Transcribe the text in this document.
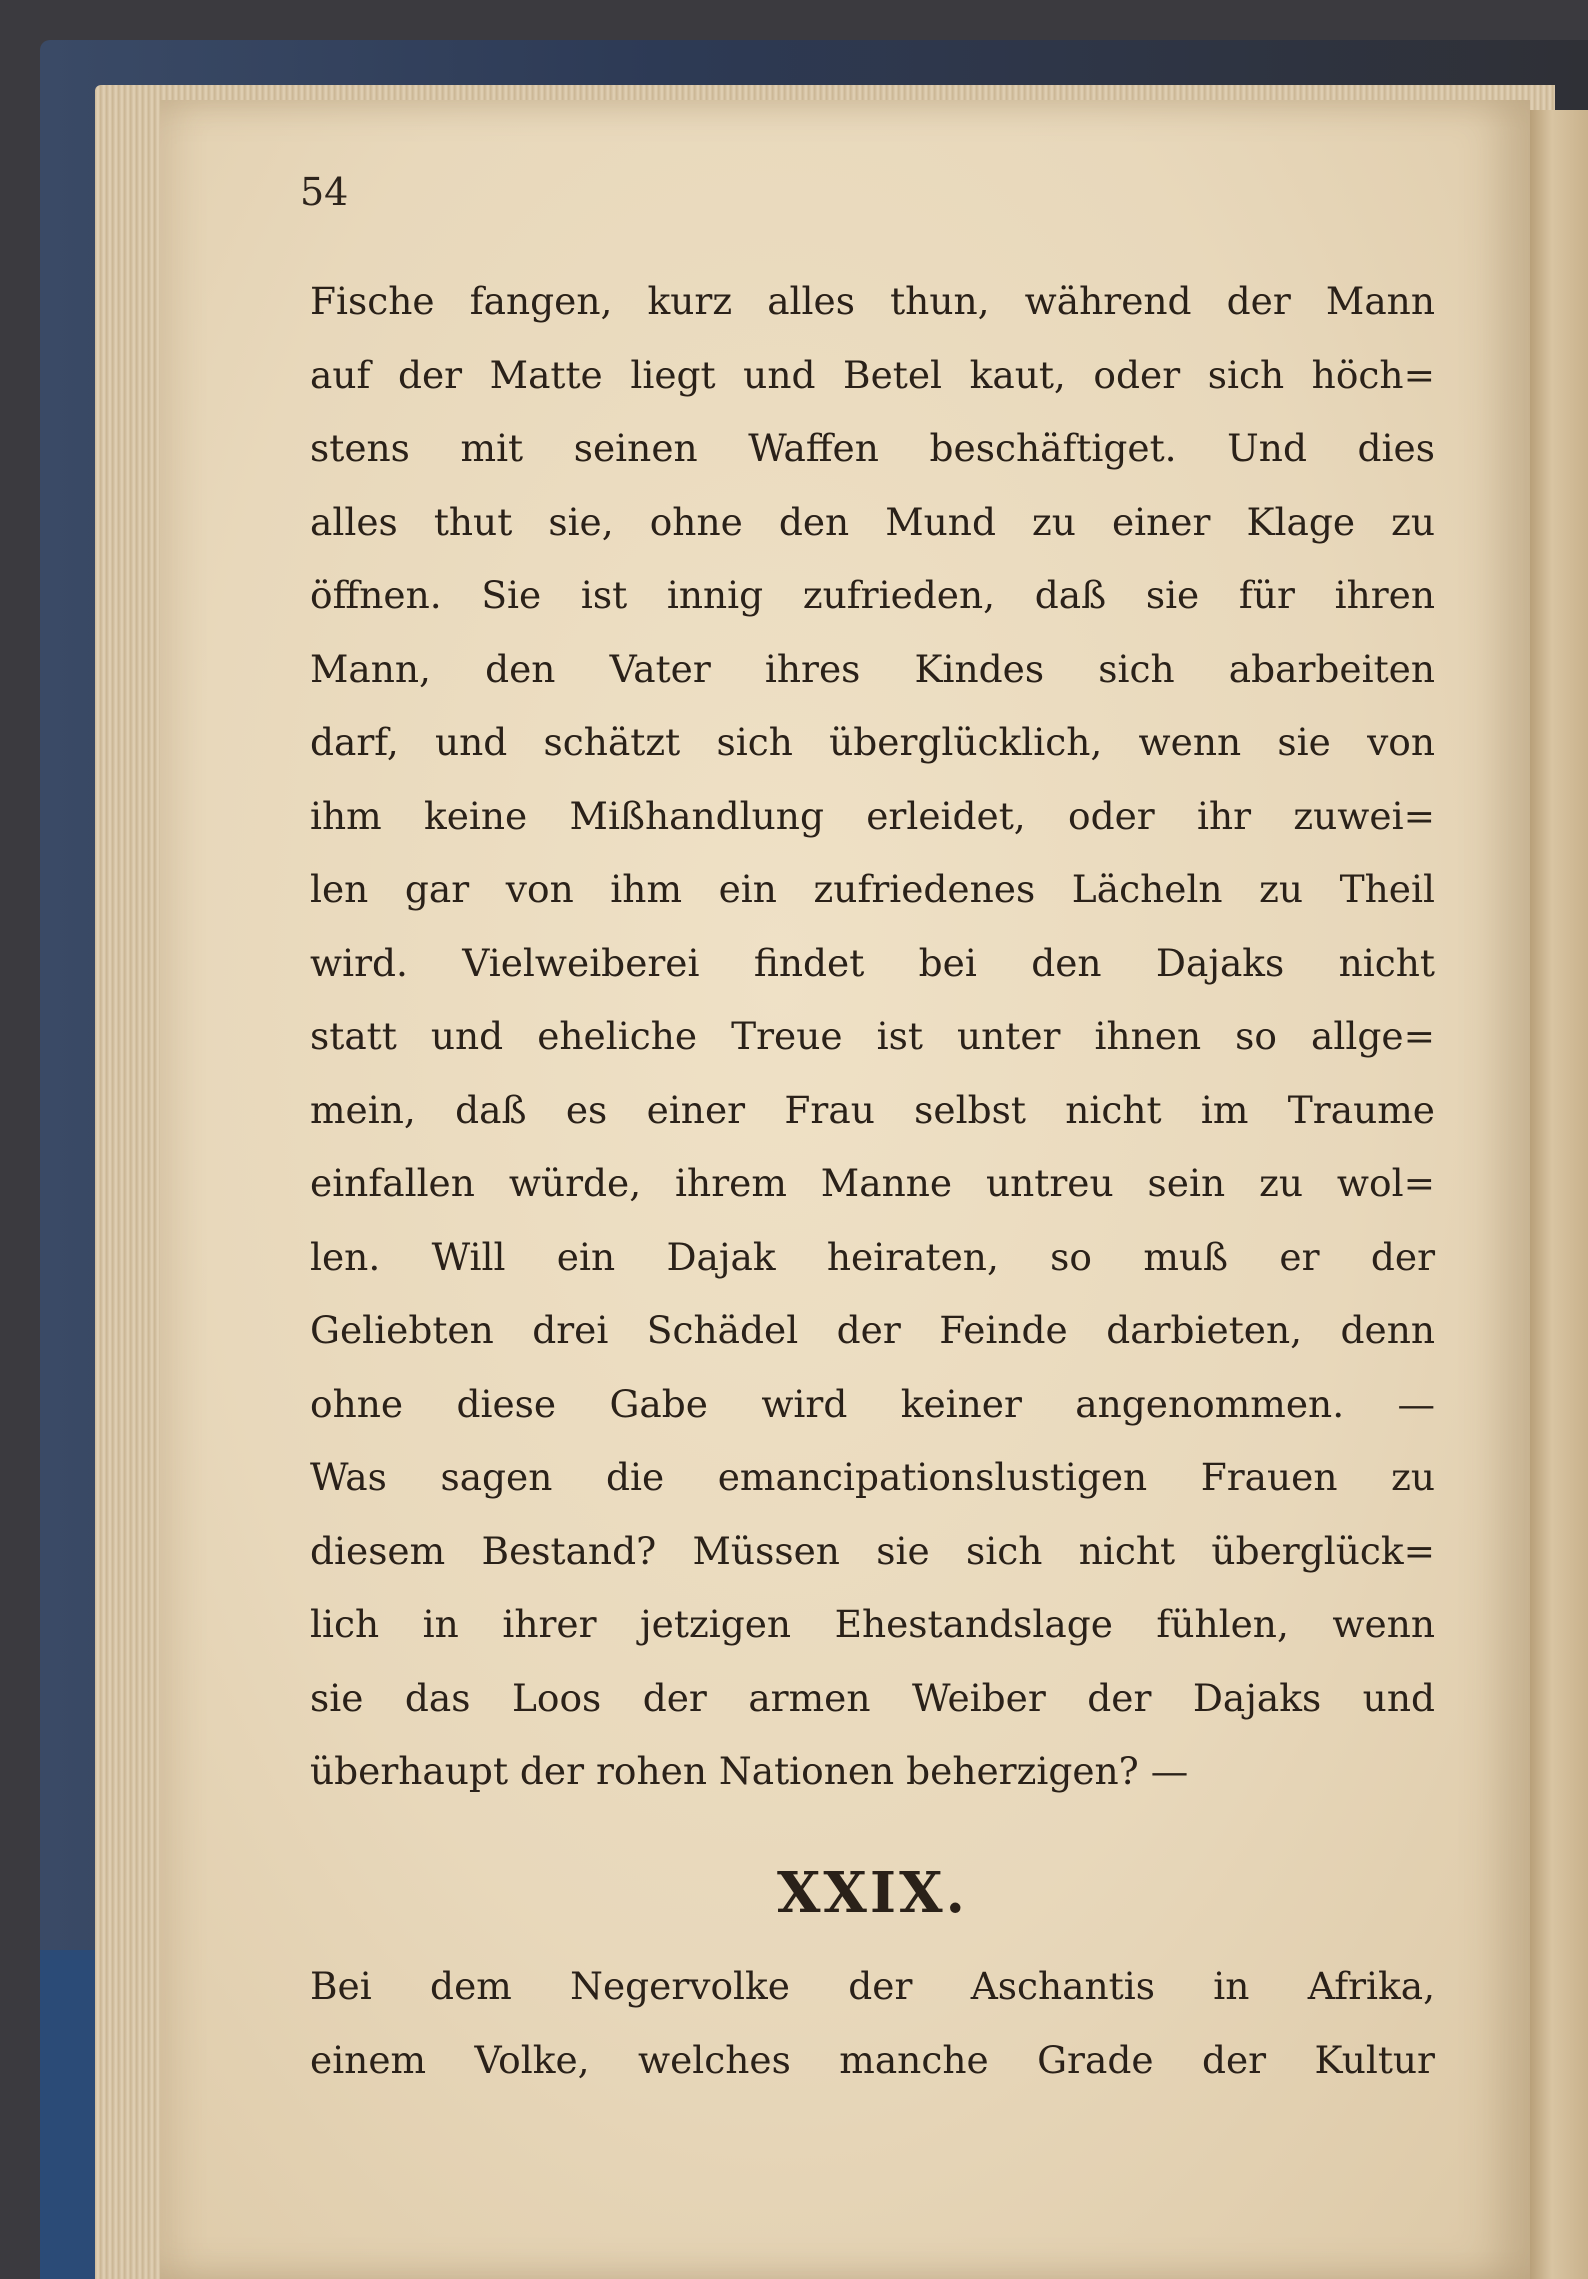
54
Fische fangen, kurz alles thun, während der Mann
auf der Matte liegt und Betel kaut, oder sich höch=
stens mit seinen Waffen beschäftiget. Und dies
alles thut sie, ohne den Mund zu einer Klage zu
öffnen. Sie ist innig zufrieden, daß sie für ihren
Mann, den Vater ihres Kindes sich abarbeiten
darf, und schätzt sich überglücklich, wenn sie von
ihm keine Mißhandlung erleidet, oder ihr zuwei=
len gar von ihm ein zufriedenes Lächeln zu Theil
wird. Vielweiberei findet bei den Dajaks nicht
statt und eheliche Treue ist unter ihnen so allge=
mein, daß es einer Frau selbst nicht im Traume
einfallen würde, ihrem Manne untreu sein zu wol=
len. Will ein Dajak heiraten, so muß er der
Geliebten drei Schädel der Feinde darbieten, denn
ohne diese Gabe wird keiner angenommen. —
Was sagen die emancipationslustigen Frauen zu
diesem Bestand? Müssen sie sich nicht überglück=
lich in ihrer jetzigen Ehestandslage fühlen, wenn
sie das Loos der armen Weiber der Dajaks und
überhaupt der rohen Nationen beherzigen? —
XXIX.
Bei dem Negervolke der Aschantis in Afrika,
einem Volke, welches manche Grade der Kultur
